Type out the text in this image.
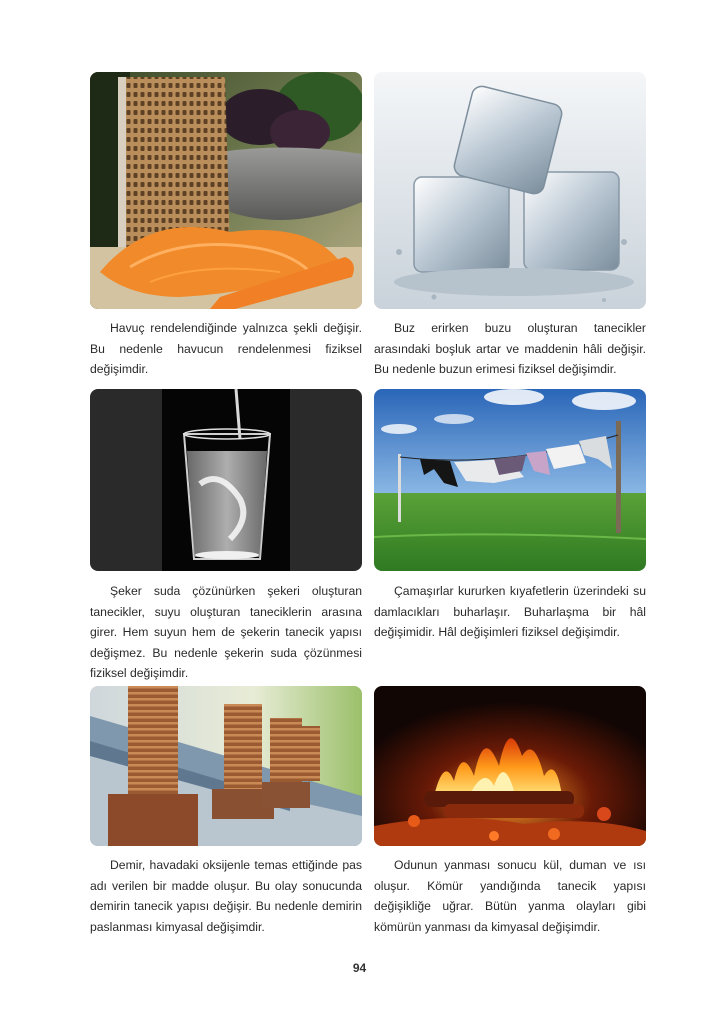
Havuç rendelendiğinde yalnızca şekli değişir. Bu nedenle havucun rendelenmesi fiziksel değişimdir.

Buz erirken buzu oluşturan tanecikler arasındaki boşluk artar ve maddenin hâli değişir. Bu nedenle buzun erimesi fiziksel değişimdir.

Şeker suda çözünürken şekeri oluşturan tanecikler, suyu oluşturan taneciklerin arasına girer. Hem suyun hem de şekerin tanecik yapısı değişmez. Bu nedenle şekerin suda çözünmesi fiziksel değişimdir.

Çamaşırlar kururken kıyafetlerin üzerindeki su damlacıkları buharlaşır. Buharlaşma bir hâl değişimidir. Hâl değişimleri fiziksel değişimdir.

Demir, havadaki oksijenle temas ettiğinde pas adı verilen bir madde oluşur. Bu olay sonucunda demirin tanecik yapısı değişir. Bu nedenle demirin paslanması kimyasal değişimdir.

Odunun yanması sonucu kül, duman ve ısı oluşur. Kömür yandığında tanecik yapısı değişikliğe uğrar. Bütün yanma olayları gibi kömürün yanması da kimyasal değişimdir.

94
